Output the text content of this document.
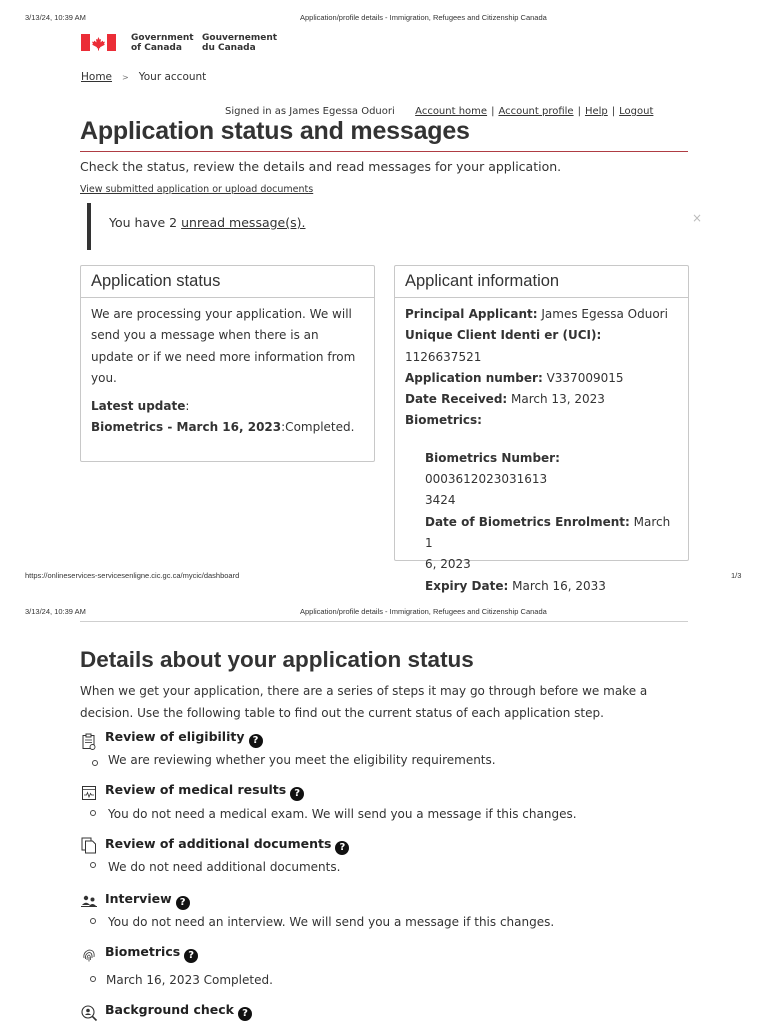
3/13/24, 10:39 AM	Application/profile details - Immigration, Refugees and Citizenship Canada
Government
of Canada
Gouvernement
du Canada
Home > Your account
Signed in as James Egessa Oduori Account home | Account profile | Help | Logout
Application status and messages
Check the status, review the details and read messages for your application.
View submitted application or upload documents
You have 2 unread message(s).	×
Application status
We are processing your application. We will
send you a message when there is an
update or if we need more information from
you.
Latest update:
Biometrics - March 16, 2023:Completed.
Applicant information
Principal Applicant: James Egessa Oduori
Unique Client Identi er (UCI): 1126637521
Application number: V337009015
Date Received: March 13, 2023
Biometrics:
Biometrics Number: 0003612023031613
3424
Date of Biometrics Enrolment: March 1
6, 2023
Expiry Date: March 16, 2033
https://onlineservices-servicesenligne.cic.gc.ca/mycic/dashboard	1/3
3/13/24, 10:39 AM	Application/profile details - Immigration, Refugees and Citizenship Canada
Details about your application status
When we get your application, there are a series of steps it may go through before we make a
decision. Use the following table to find out the current status of each application step.
Review of eligibility ?
We are reviewing whether you meet the eligibility requirements.
Review of medical results ?
You do not need a medical exam. We will send you a message if this changes.
Review of additional documents ?
We do not need additional documents.
Interview ?
You do not need an interview. We will send you a message if this changes.
Biometrics ?
March 16, 2023 Completed.
Background check ?
